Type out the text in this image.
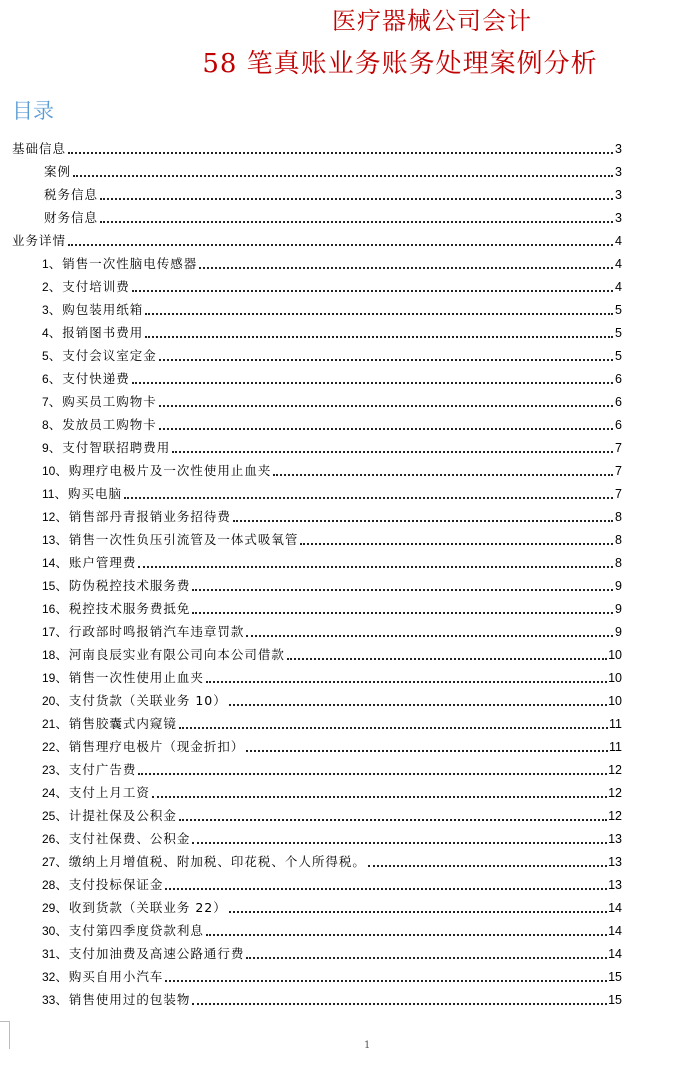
医疗器械公司会计
58 笔真账业务账务处理案例分析
目录
基础信息	3
案例	3
税务信息	3
财务信息	3
业务详情	4
1、销售一次性脑电传感器	4
2、支付培训费	4
3、购包装用纸箱	5
4、报销图书费用	5
5、支付会议室定金	5
6、支付快递费	6
7、购买员工购物卡	6
8、发放员工购物卡	6
9、支付智联招聘费用	7
10、购理疗电极片及一次性使用止血夹	7
11、购买电脑	7
12、销售部丹青报销业务招待费	8
13、销售一次性负压引流管及一体式吸氧管	8
14、账户管理费	8
15、防伪税控技术服务费	9
16、税控技术服务费抵免	9
17、行政部时鸣报销汽车违章罚款	9
18、河南良辰实业有限公司向本公司借款	10
19、销售一次性使用止血夹	10
20、支付货款（关联业务 10）	10
21、销售胶囊式内窥镜	11
22、销售理疗电极片（现金折扣）	11
23、支付广告费	12
24、支付上月工资	12
25、计提社保及公积金	12
26、支付社保费、公积金	13
27、缴纳上月增值税、附加税、印花税、个人所得税。	13
28、支付投标保证金	13
29、收到货款（关联业务 22）	14
30、支付第四季度贷款利息	14
31、支付加油费及高速公路通行费	14
32、购买自用小汽车	15
33、销售使用过的包装物	15
1
